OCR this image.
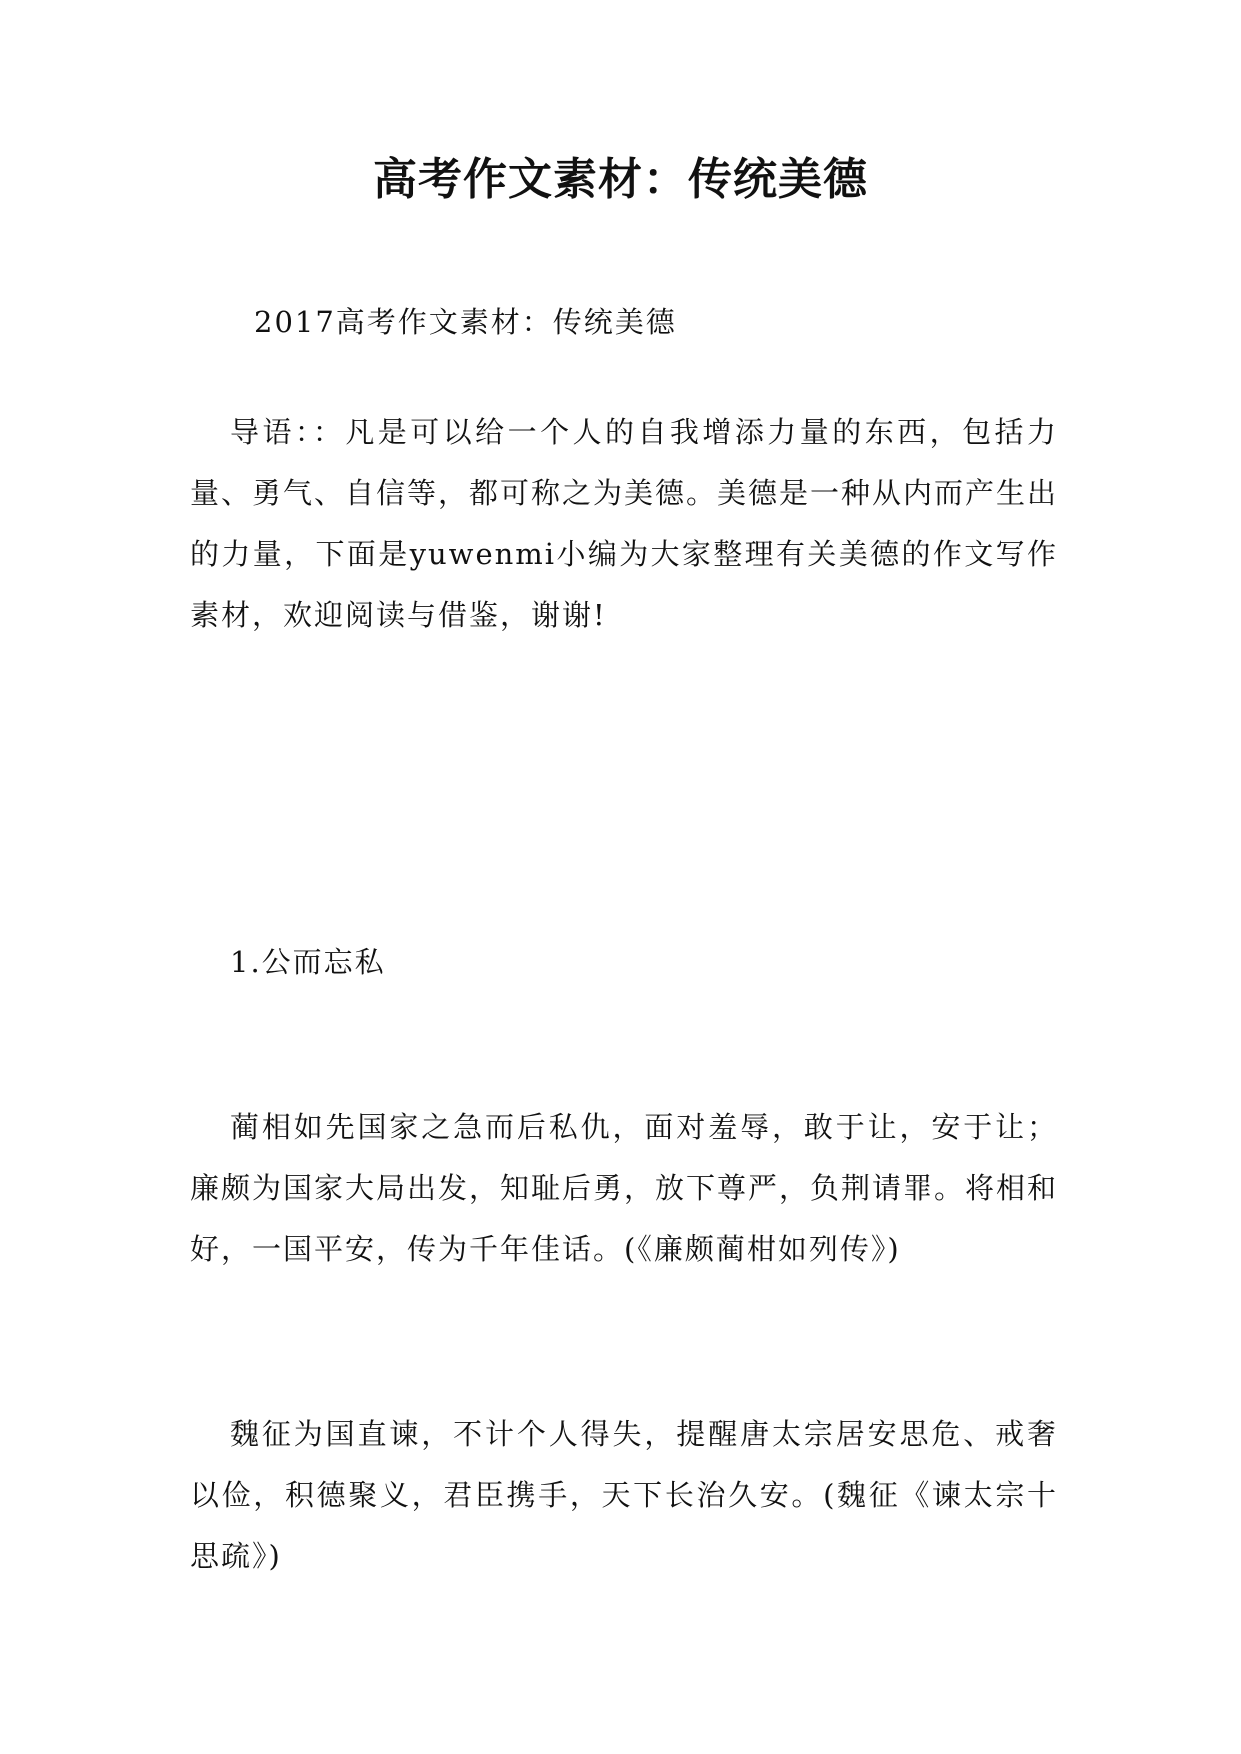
高考作文素材：传统美德

2017高考作文素材：传统美德

导语：：凡是可以给一个人的自我增添力量的东西，包括力量、勇气、自信等，都可称之为美德。美德是一种从内而产生出的力量，下面是yuwenmi小编为大家整理有关美德的作文写作素材，欢迎阅读与借鉴，谢谢!

1.公而忘私

蔺相如先国家之急而后私仇，面对羞辱，敢于让，安于让；廉颇为国家大局出发，知耻后勇，放下尊严，负荆请罪。将相和好，一国平安，传为千年佳话。(《廉颇蔺柑如列传》)

魏征为国直谏，不计个人得失，提醒唐太宗居安思危、戒奢以俭，积德聚义，君臣携手，天下长治久安。(魏征《谏太宗十思疏》)
